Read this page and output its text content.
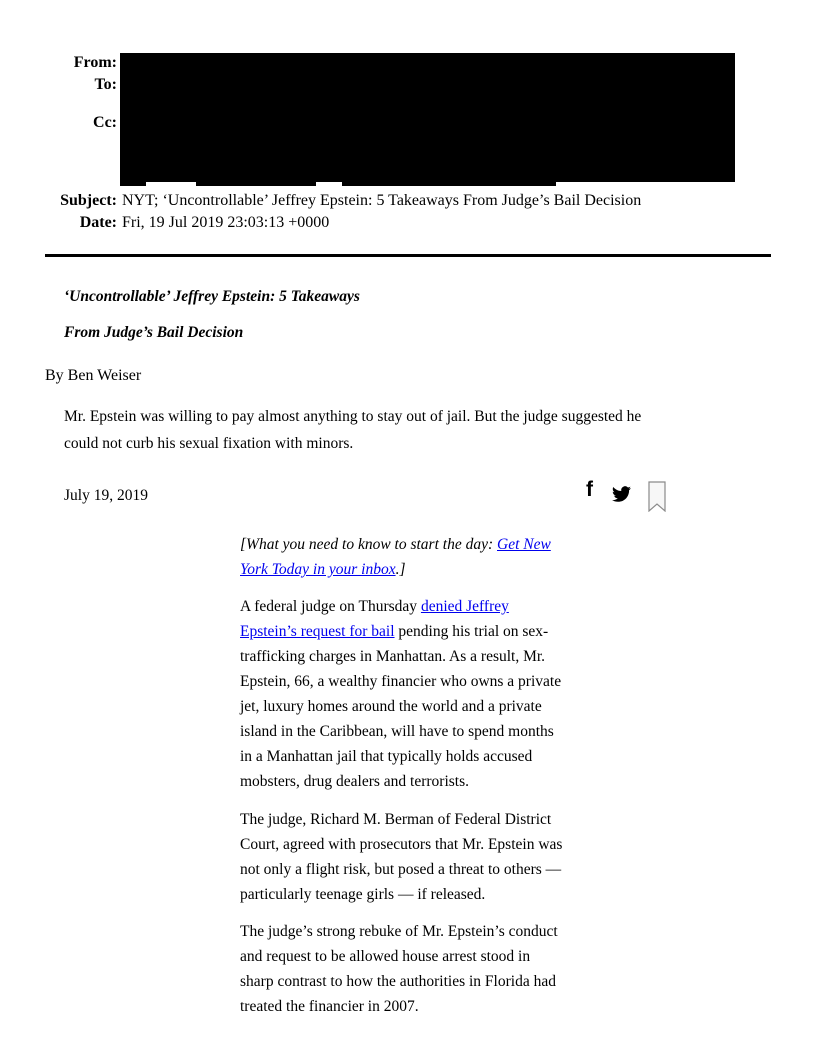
From:
To:
Cc:
Subject: NYT; ‘Uncontrollable’ Jeffrey Epstein: 5 Takeaways From Judge’s Bail Decision
Date: Fri, 19 Jul 2019 23:03:13 +0000
‘Uncontrollable’ Jeffrey Epstein: 5 Takeaways
From Judge’s Bail Decision
By Ben Weiser
Mr. Epstein was willing to pay almost anything to stay out of jail. But the judge suggested he
could not curb his sexual fixation with minors.
July 19, 2019	f

[What you need to know to start the day: Get New
York Today in your inbox.]

A federal judge on Thursday denied Jeffrey
Epstein’s request for bail pending his trial on sex-
trafficking charges in Manhattan. As a result, Mr.
Epstein, 66, a wealthy financier who owns a private
jet, luxury homes around the world and a private
island in the Caribbean, will have to spend months
in a Manhattan jail that typically holds accused
mobsters, drug dealers and terrorists.

The judge, Richard M. Berman of Federal District
Court, agreed with prosecutors that Mr. Epstein was
not only a flight risk, but posed a threat to others —
particularly teenage girls — if released.

The judge’s strong rebuke of Mr. Epstein’s conduct
and request to be allowed house arrest stood in
sharp contrast to how the authorities in Florida had
treated the financier in 2007.
